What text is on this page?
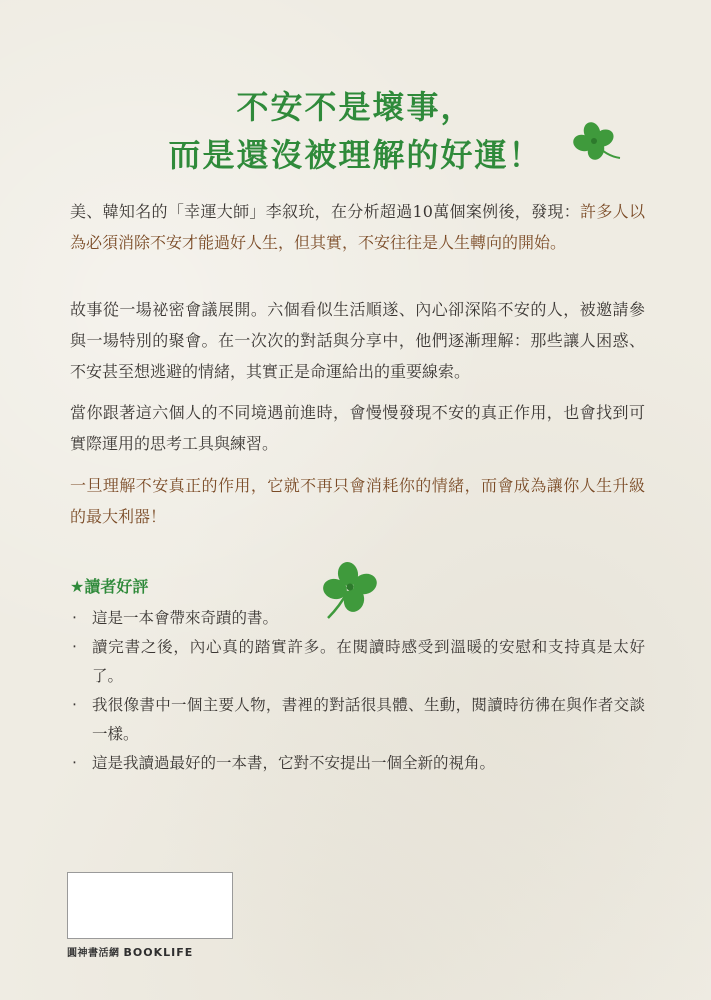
不安不是壞事，
而是還沒被理解的好運！

美、韓知名的「幸運大師」李叙玧，在分析超過10萬個案例後，發現：許多人以為必須消除不安才能過好人生，但其實，不安往往是人生轉向的開始。

故事從一場祕密會議展開。六個看似生活順遂、內心卻深陷不安的人，被邀請參與一場特別的聚會。在一次次的對話與分享中，他們逐漸理解：那些讓人困惑、不安甚至想逃避的情緒，其實正是命運給出的重要線索。

當你跟著這六個人的不同境遇前進時，會慢慢發現不安的真正作用，也會找到可實際運用的思考工具與練習。

一旦理解不安真正的作用，它就不再只會消耗你的情緒，而會成為讓你人生升級的最大利器！

★讀者好評
‧ 這是一本會帶來奇蹟的書。
‧ 讀完書之後，內心真的踏實許多。在閱讀時感受到溫暖的安慰和支持真是太好了。
‧ 我很像書中一個主要人物，書裡的對話很具體、生動，閱讀時彷彿在與作者交談一樣。
‧ 這是我讀過最好的一本書，它對不安提出一個全新的視角。
圓神書活網 BOOKLIFE
